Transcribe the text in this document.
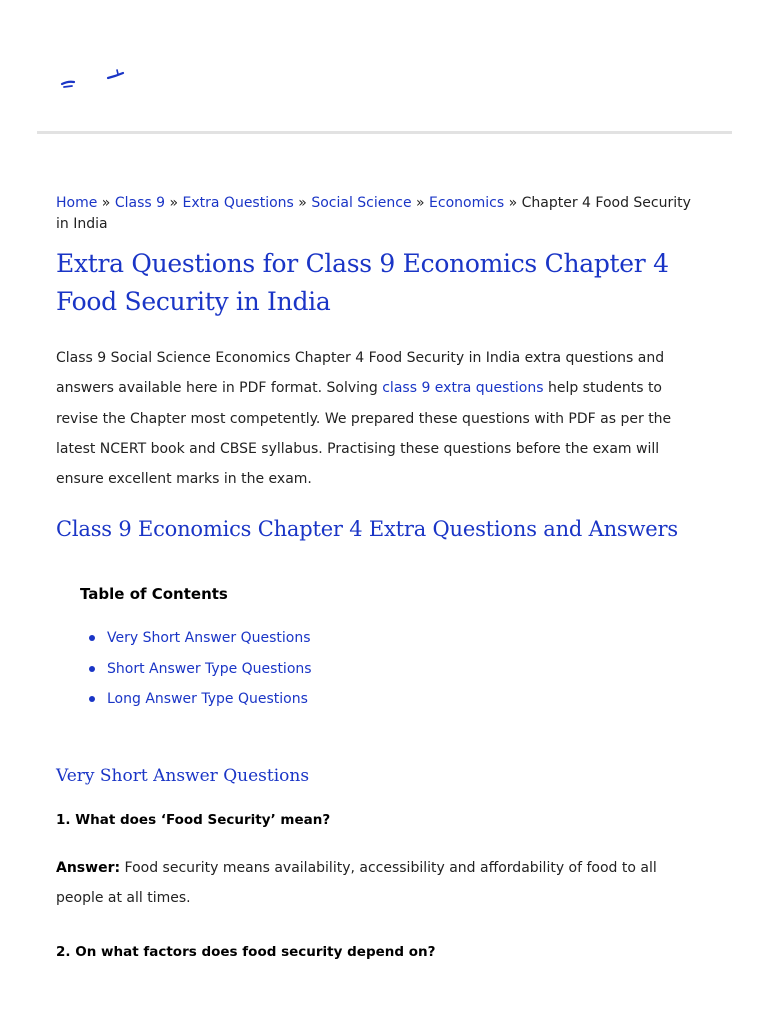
Home » Class 9 » Extra Questions » Social Science » Economics » Chapter 4 Food Security in India
Extra Questions for Class 9 Economics Chapter 4 Food Security in India

Class 9 Social Science Economics Chapter 4 Food Security in India extra questions and answers available here in PDF format. Solving class 9 extra questions help students to revise the Chapter most competently. We prepared these questions with PDF as per the latest NCERT book and CBSE syllabus. Practising these questions before the exam will ensure excellent marks in the exam.

Class 9 Economics Chapter 4 Extra Questions and Answers
Table of Contents
Very Short Answer Questions
Short Answer Type Questions
Long Answer Type Questions
Very Short Answer Questions
1. What does ‘Food Security’ mean?

Answer: Food security means availability, accessibility and affordability of food to all people at all times.

2. On what factors does food security depend on?
